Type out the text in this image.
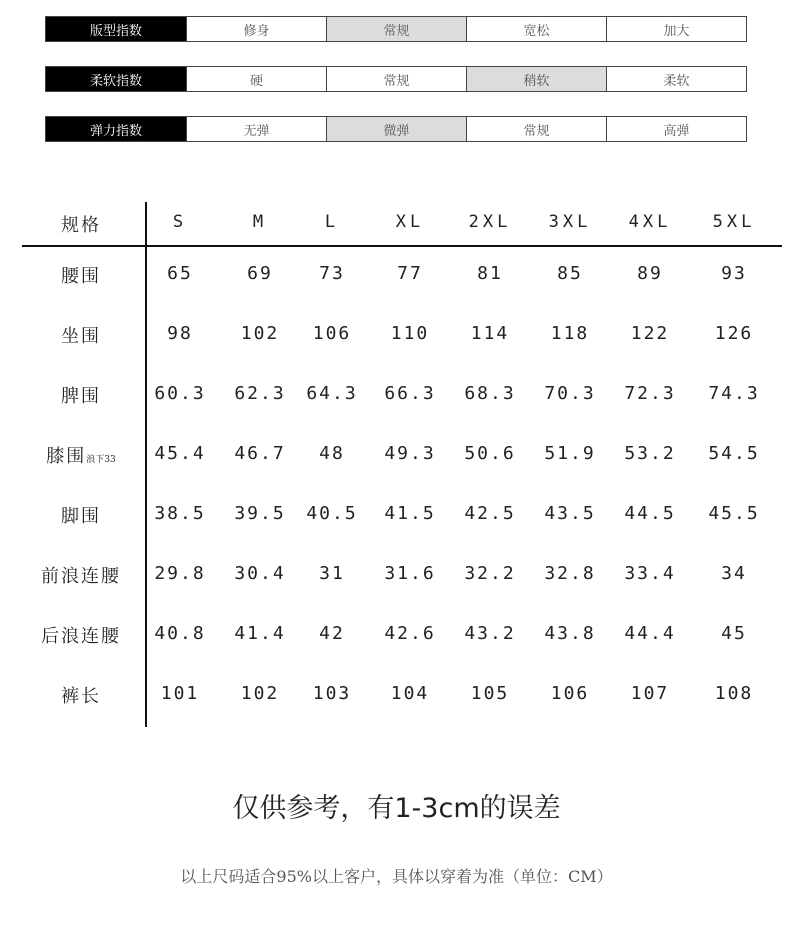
版型指数	修身	常规	宽松	加大
柔软指数	硬	常规	稍软	柔软
弹力指数	无弹	微弹	常规	高弹
规格	S	M	L	XL	2XL	3XL	4XL	5XL
腰围	65	69	73	77	81	85	89	93
坐围	98	102	106	110	114	118	122	126
脾围	60.3	62.3	64.3	66.3	68.3	70.3	72.3	74.3
膝围浪下33	45.4	46.7	48	49.3	50.6	51.9	53.2	54.5
脚围	38.5	39.5	40.5	41.5	42.5	43.5	44.5	45.5
前浪连腰	29.8	30.4	31	31.6	32.2	32.8	33.4	34
后浪连腰	40.8	41.4	42	42.6	43.2	43.8	44.4	45
裤长	101	102	103	104	105	106	107	108
仅供参考，有1-3cm的误差
以上尺码适合95%以上客户，具体以穿着为准（单位：CM）
